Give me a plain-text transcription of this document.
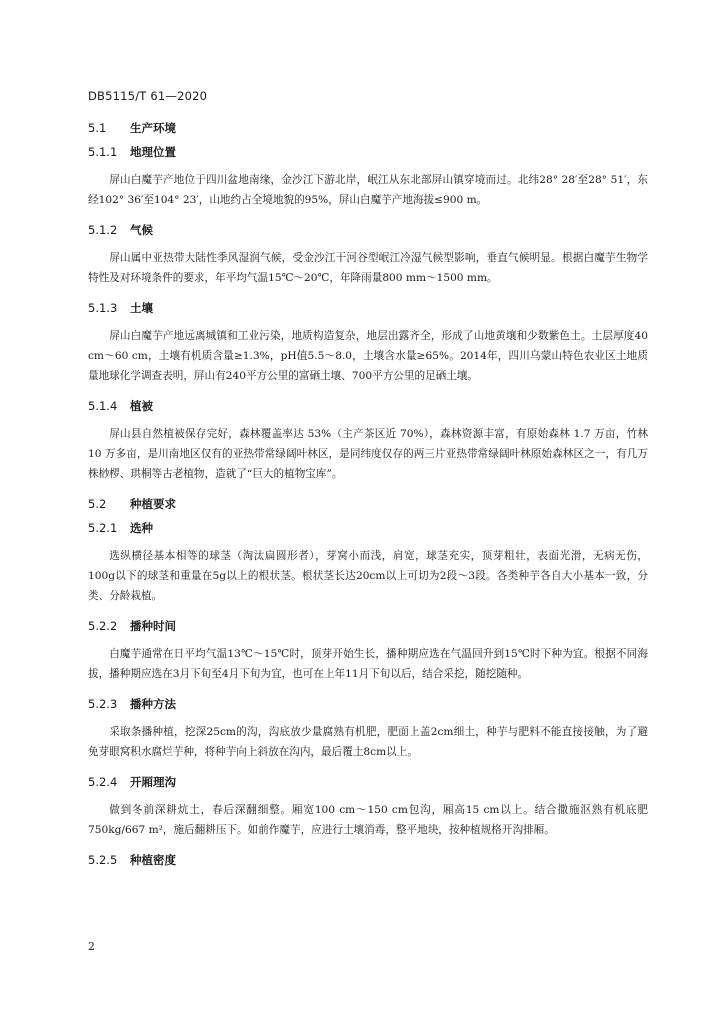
DB5115/T 61—2020

5.1 生产环境

5.1.1 地理位置

屏山白魔芋产地位于四川盆地南缘，金沙江下游北岸，岷江从东北部屏山镇穿境而过。北纬28° 28′至28° 51′，东经102° 36′至104° 23′，山地约占全境地貌的95%，屏山白魔芋产地海拔≤900 m。

5.1.2 气候

屏山属中亚热带大陆性季风湿润气候，受金沙江干河谷型岷江冷湿气候型影响，垂直气候明显。根据白魔芋生物学特性及对环境条件的要求，年平均气温15℃～20℃，年降雨量800 mm～1500 mm。

5.1.3 土壤

屏山白魔芋产地远离城镇和工业污染，地质构造复杂，地层出露齐全，形成了山地黄壤和少数紫色土。土层厚度40 cm～60 cm，土壤有机质含量≥1.3%，pH值5.5～8.0，土壤含水量≥65%。2014年，四川乌蒙山特色农业区土地质量地球化学调查表明，屏山有240平方公里的富硒土壤、700平方公里的足硒土壤。

5.1.4 植被

屏山县自然植被保存完好，森林覆盖率达 53%（主产茶区近 70%），森林资源丰富，有原始森林 1.7 万亩，竹林 10 万多亩，是川南地区仅有的亚热带常绿阔叶林区，是同纬度仅存的两三片亚热带常绿阔叶林原始森林区之一，有几万株桫椤、珙桐等古老植物，造就了“巨大的植物宝库”。

5.2 种植要求

5.2.1 选种

选纵横径基本相等的球茎（淘汰扁圆形者），芽窝小而浅，肩宽，球茎充实，顶芽粗壮，表面光滑，无病无伤，100g以下的球茎和重量在5g以上的根状茎。根状茎长达20cm以上可切为2段～3段。各类种芋各自大小基本一致，分类、分龄栽植。

5.2.2 播种时间

白魔芋通常在日平均气温13℃～15℃时，顶芽开始生长，播种期应选在气温回升到15℃时下种为宜。根据不同海拔，播种期应选在3月下旬至4月下旬为宜，也可在上年11月下旬以后，结合采挖，随挖随种。

5.2.3 播种方法

采取条播种植，挖深25cm的沟，沟底放少量腐熟有机肥，肥面上盖2cm细土，种芋与肥料不能直接接触，为了避免芽眼窝积水腐烂芋种，将种芋向上斜放在沟内，最后覆土8cm以上。

5.2.4 开厢理沟

做到冬前深耕炕土，春后深翻细整。厢宽100 cm～150 cm包沟，厢高15 cm以上。结合撒施沤熟有机底肥 750kg/667 m²，施后翻耕压下。如前作魔芋，应进行土壤消毒，整平地块，按种植规格开沟排厢。

5.2.5 种植密度

2
